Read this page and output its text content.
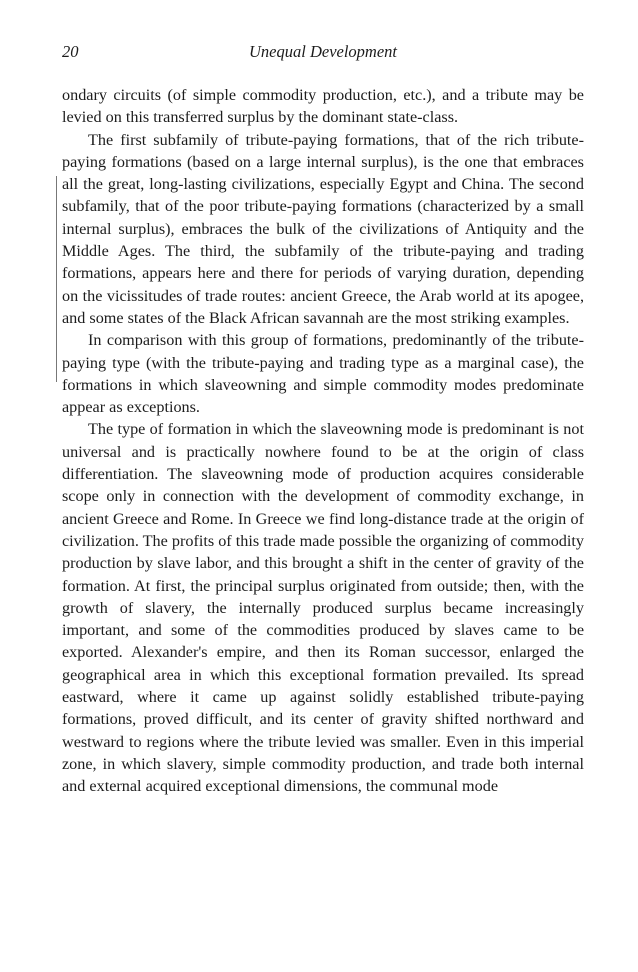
20	Unequal Development

ondary circuits (of simple commodity production, etc.), and a tribute may be levied on this transferred surplus by the dominant state-class.

The first subfamily of tribute-paying formations, that of the rich tribute-paying formations (based on a large internal surplus), is the one that embraces all the great, long-lasting civilizations, especially Egypt and China. The second subfamily, that of the poor tribute-paying formations (characterized by a small internal surplus), embraces the bulk of the civilizations of Antiquity and the Middle Ages. The third, the subfamily of the tribute-paying and trading formations, appears here and there for periods of varying duration, depending on the vicissitudes of trade routes: ancient Greece, the Arab world at its apogee, and some states of the Black African savannah are the most striking examples.

In comparison with this group of formations, predominantly of the tribute-paying type (with the tribute-paying and trading type as a marginal case), the formations in which slaveowning and simple commodity modes predominate appear as exceptions.

The type of formation in which the slaveowning mode is predominant is not universal and is practically nowhere found to be at the origin of class differentiation. The slaveowning mode of production acquires considerable scope only in connection with the development of commodity exchange, in ancient Greece and Rome. In Greece we find long-distance trade at the origin of civilization. The profits of this trade made possible the organizing of commodity production by slave labor, and this brought a shift in the center of gravity of the formation. At first, the principal surplus originated from outside; then, with the growth of slavery, the internally produced surplus became increasingly important, and some of the commodities produced by slaves came to be exported. Alexander's empire, and then its Roman successor, enlarged the geographical area in which this exceptional formation prevailed. Its spread eastward, where it came up against solidly established tribute-paying formations, proved difficult, and its center of gravity shifted northward and westward to regions where the tribute levied was smaller. Even in this imperial zone, in which slavery, simple commodity production, and trade both internal and external acquired exceptional dimensions, the communal mode
